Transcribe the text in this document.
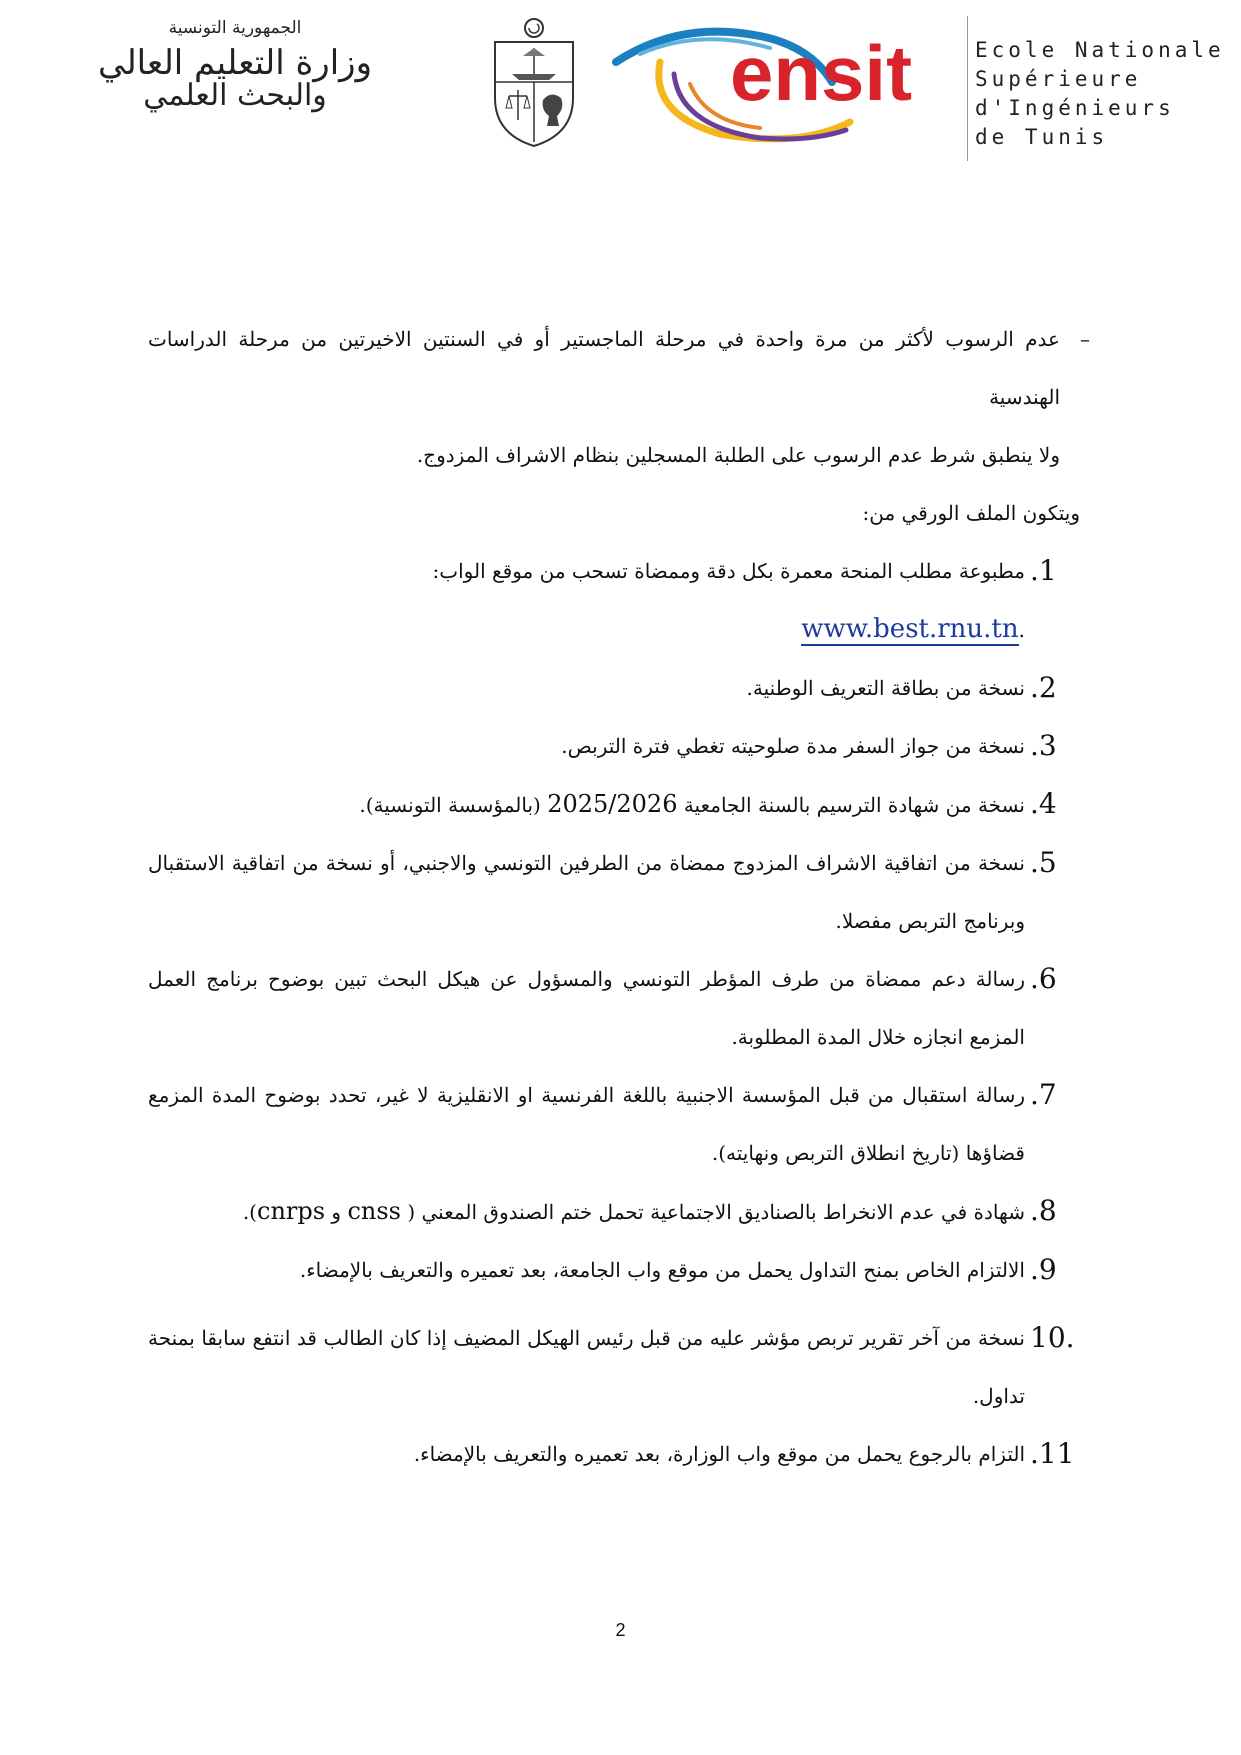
الجمهورية التونسية
وزارة التعليم العالي
والبحث العلمي	ensit	Ecole Nationale
Supérieure
d'Ingénieurs
de Tunis
–
عدم الرسوب لأكثر من مرة واحدة في مرحلة الماجستير أو في السنتين الاخيرتين من مرحلة الدراسات الهندسية
ولا ينطبق شرط عدم الرسوب على الطلبة المسجلين بنظام الاشراف المزدوج.
ويتكون الملف الورقي من:
.1
مطبوعة مطلب المنحة معمرة بكل دقة وممضاة تسحب من موقع الواب:
.www.best.rnu.tn
.2
نسخة من بطاقة التعريف الوطنية.
.3
نسخة من جواز السفر مدة صلوحيته تغطي فترة التربص.
.4
نسخة من شهادة الترسيم بالسنة الجامعية 2025/2026 (بالمؤسسة التونسية).
.5
نسخة من اتفاقية الاشراف المزدوج ممضاة من الطرفين التونسي والاجنبي، أو نسخة من اتفاقية الاستقبال وبرنامج التربص مفصلا.
.6
رسالة دعم ممضاة من طرف المؤطر التونسي والمسؤول عن هيكل البحث تبين بوضوح برنامج العمل المزمع انجازه خلال المدة المطلوبة.
.7
رسالة استقبال من قبل المؤسسة الاجنبية باللغة الفرنسية او الانقليزية لا غير، تحدد بوضوح المدة المزمع قضاؤها (تاريخ انطلاق التربص ونهايته).
.8
شهادة في عدم الانخراط بالصناديق الاجتماعية تحمل ختم الصندوق المعني ( cnss و cnrps).
.9
الالتزام الخاص بمنح التداول يحمل من موقع واب الجامعة، بعد تعميره والتعريف بالإمضاء.
10.
نسخة من آخر تقرير تربص مؤشر عليه من قبل رئيس الهيكل المضيف إذا كان الطالب قد انتفع سابقا بمنحة تداول.
.11
التزام بالرجوع يحمل من موقع واب الوزارة، بعد تعميره والتعريف بالإمضاء.
2
